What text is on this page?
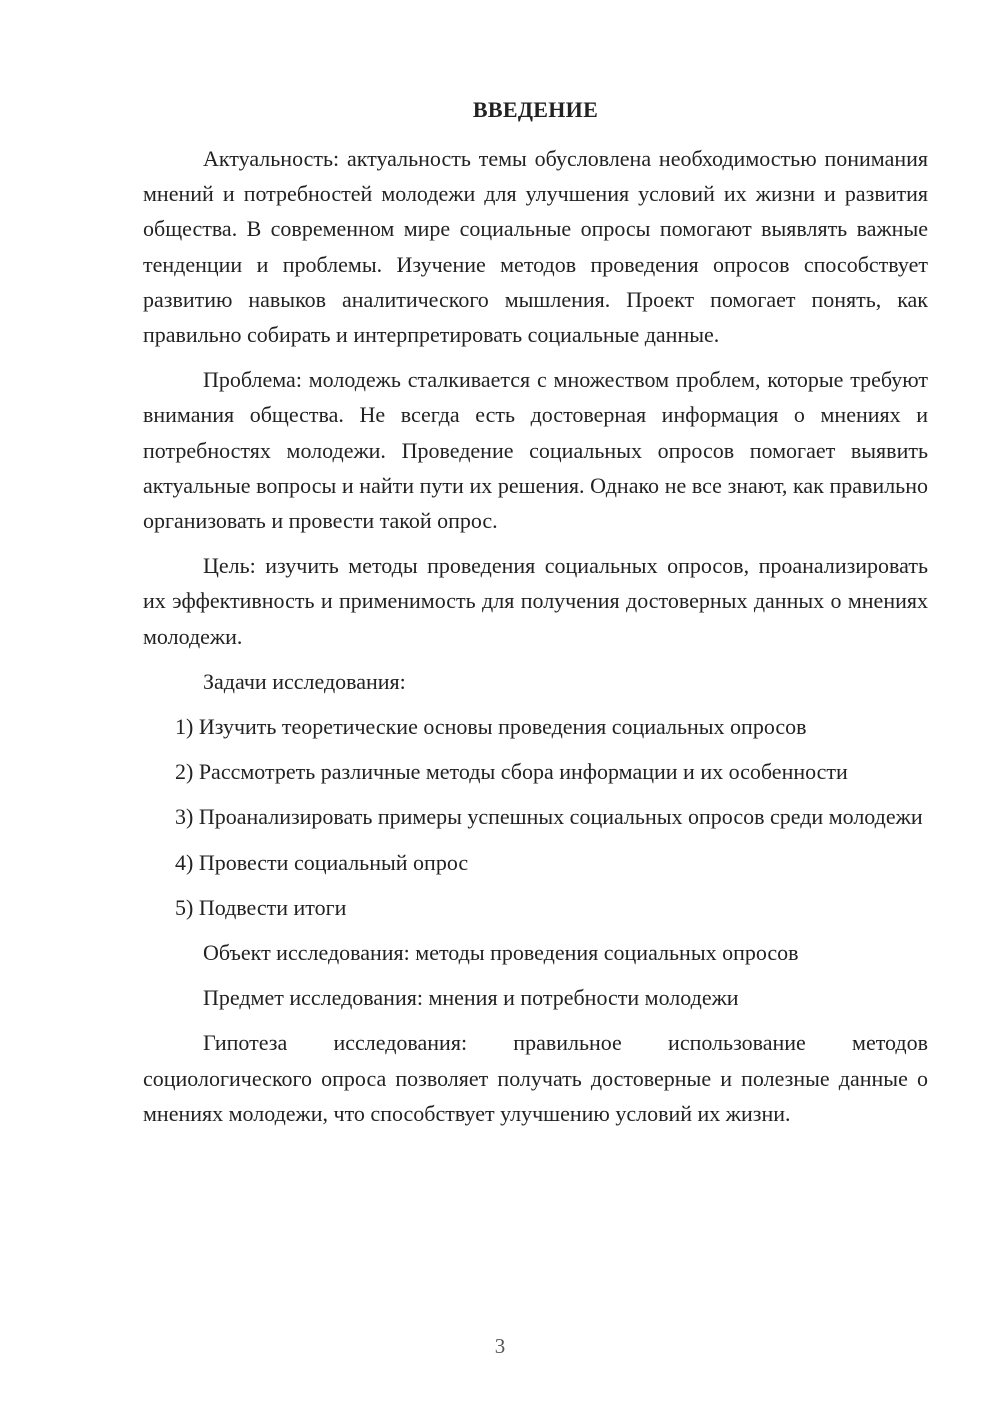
ВВЕДЕНИЕ

Актуальность: актуальность темы обусловлена необходимостью понимания мнений и потребностей молодежи для улучшения условий их жизни и развития общества. В современном мире социальные опросы помогают выявлять важные тенденции и проблемы. Изучение методов проведения опросов способствует развитию навыков аналитического мышления. Проект помогает понять, как правильно собирать и интерпретировать социальные данные.

Проблема: молодежь сталкивается с множеством проблем, которые требуют внимания общества. Не всегда есть достоверная информация о мнениях и потребностях молодежи. Проведение социальных опросов помогает выявить актуальные вопросы и найти пути их решения. Однако не все знают, как правильно организовать и провести такой опрос.

Цель: изучить методы проведения социальных опросов, проанализировать их эффективность и применимость для получения достоверных данных о мнениях молодежи.

Задачи исследования:

1) Изучить теоретические основы проведения социальных опросов

2) Рассмотреть различные методы сбора информации и их особенности

3) Проанализировать примеры успешных социальных опросов среди молодежи

4) Провести социальный опрос

5) Подвести итоги

Объект исследования: методы проведения социальных опросов

Предмет исследования: мнения и потребности молодежи

Гипотеза исследования: правильное использование методов социологического опроса позволяет получать достоверные и полезные данные о мнениях молодежи, что способствует улучшению условий их жизни.

3
